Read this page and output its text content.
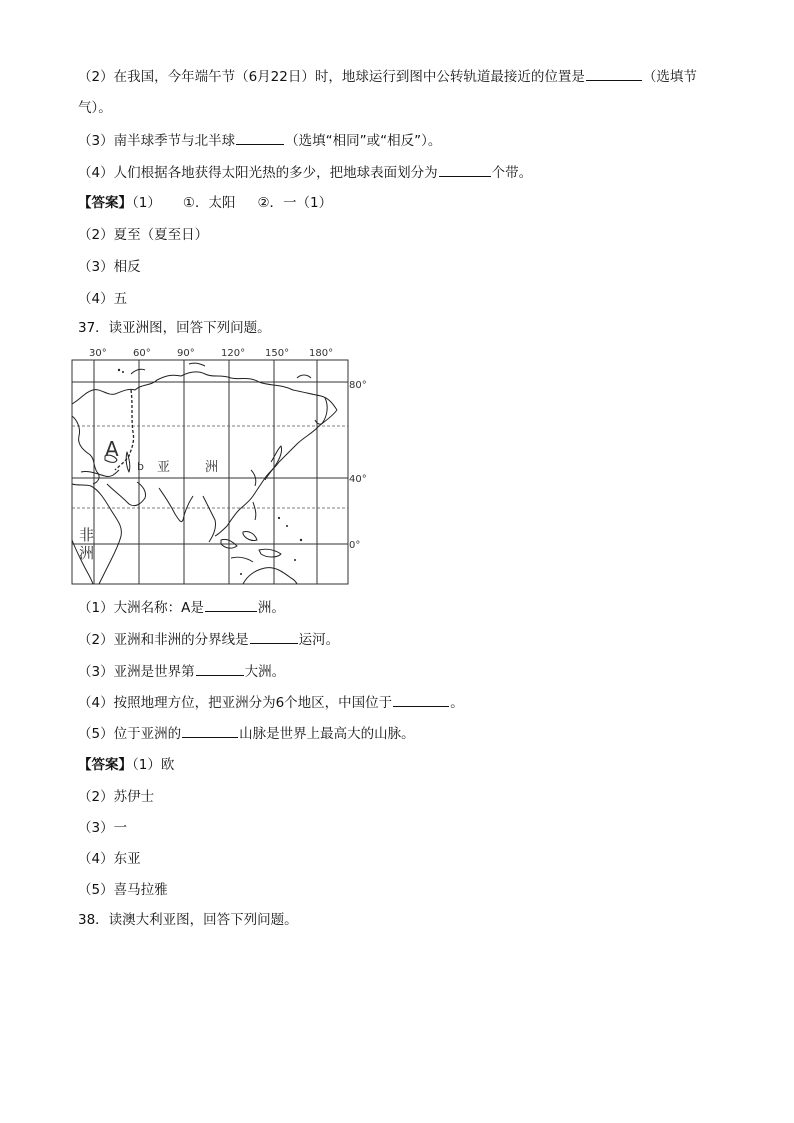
（2）在我国，今年端午节（6月22日）时，地球运行到图中公转轨道最接近的位置是	（选填节
气）。
（3）南半球季节与北半球	（选填“相同”或“相反”）。
（4）人们根据各地获得太阳光热的多少，把地球表面划分为	个带。
【答案】（1） ①．太阳 ②．一（1）
（2）夏至（夏至日）
（3）相反
（4）五
37．读亚洲图，回答下列问题。
30°	60°	90°	120° 150° 180°
80°
40°
0°
A
b 亚	洲
非
洲
（1）大洲名称：A是	洲。
（2）亚洲和非洲的分界线是	运河。
（3）亚洲是世界第	大洲。
（4）按照地理方位，把亚洲分为6个地区，中国位于	。
（5）位于亚洲的	山脉是世界上最高大的山脉。
【答案】（1）欧
（2）苏伊士
（3）一
（4）东亚
（5）喜马拉雅
38．读澳大利亚图，回答下列问题。
